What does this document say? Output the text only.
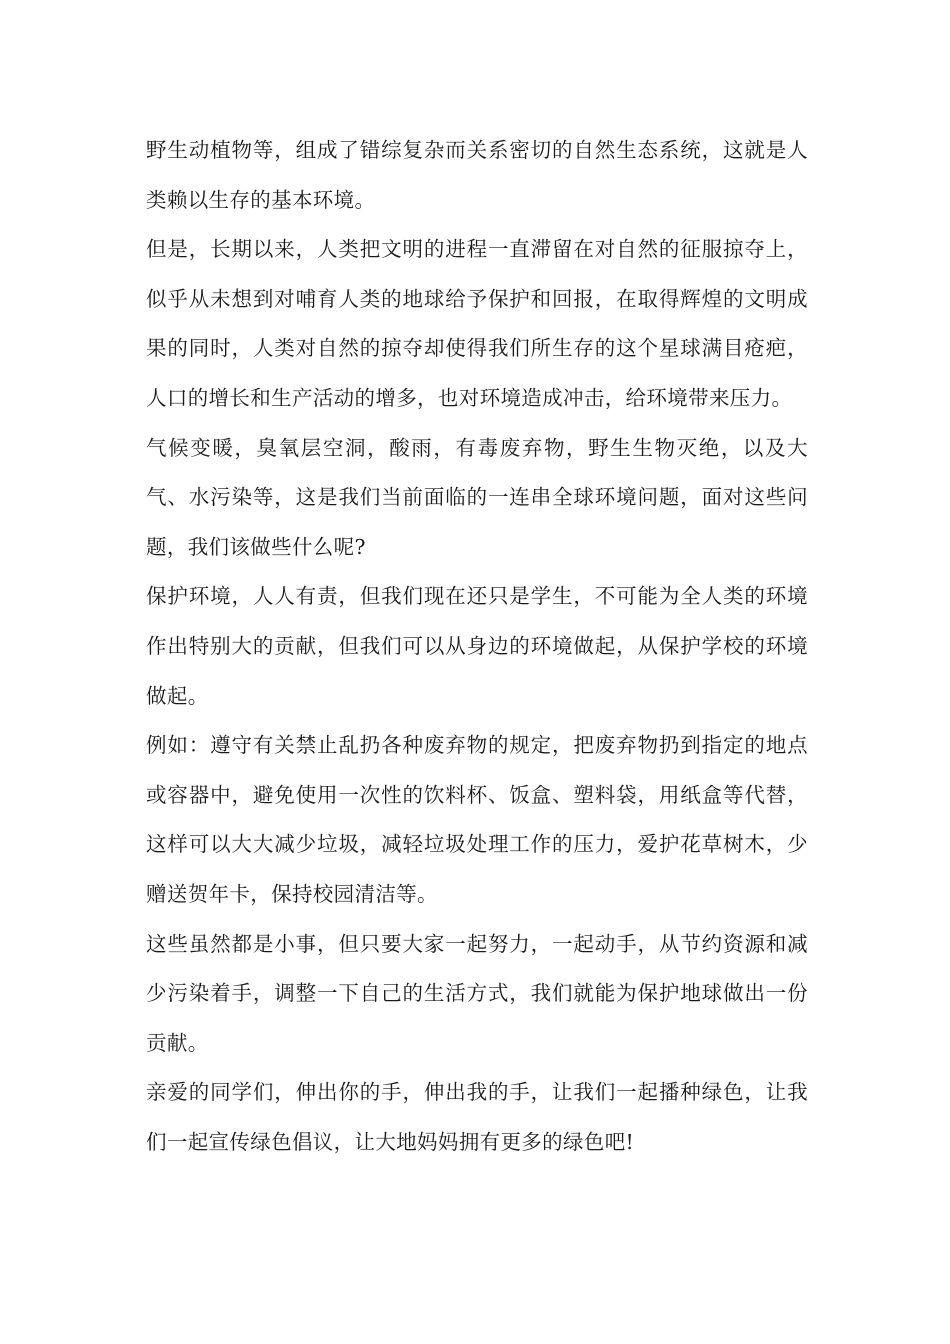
野生动植物等，组成了错综复杂而关系密切的自然生态系统，这就是人类赖以生存的基本环境。

但是，长期以来，人类把文明的进程一直滞留在对自然的征服掠夺上，似乎从未想到对哺育人类的地球给予保护和回报，在取得辉煌的文明成果的同时，人类对自然的掠夺却使得我们所生存的这个星球满目疮疤，人口的增长和生产活动的增多，也对环境造成冲击，给环境带来压力。

气候变暖，臭氧层空洞，酸雨，有毒废弃物，野生生物灭绝，以及大气、水污染等，这是我们当前面临的一连串全球环境问题，面对这些问题，我们该做些什么呢?

保护环境，人人有责，但我们现在还只是学生，不可能为全人类的环境作出特别大的贡献，但我们可以从身边的环境做起，从保护学校的环境做起。

例如：遵守有关禁止乱扔各种废弃物的规定，把废弃物扔到指定的地点或容器中，避免使用一次性的饮料杯、饭盒、塑料袋，用纸盒等代替，这样可以大大减少垃圾，减轻垃圾处理工作的压力，爱护花草树木，少赠送贺年卡，保持校园清洁等。

这些虽然都是小事，但只要大家一起努力，一起动手，从节约资源和减少污染着手，调整一下自己的生活方式，我们就能为保护地球做出一份贡献。

亲爱的同学们，伸出你的手，伸出我的手，让我们一起播种绿色，让我们一起宣传绿色倡议，让大地妈妈拥有更多的绿色吧!
